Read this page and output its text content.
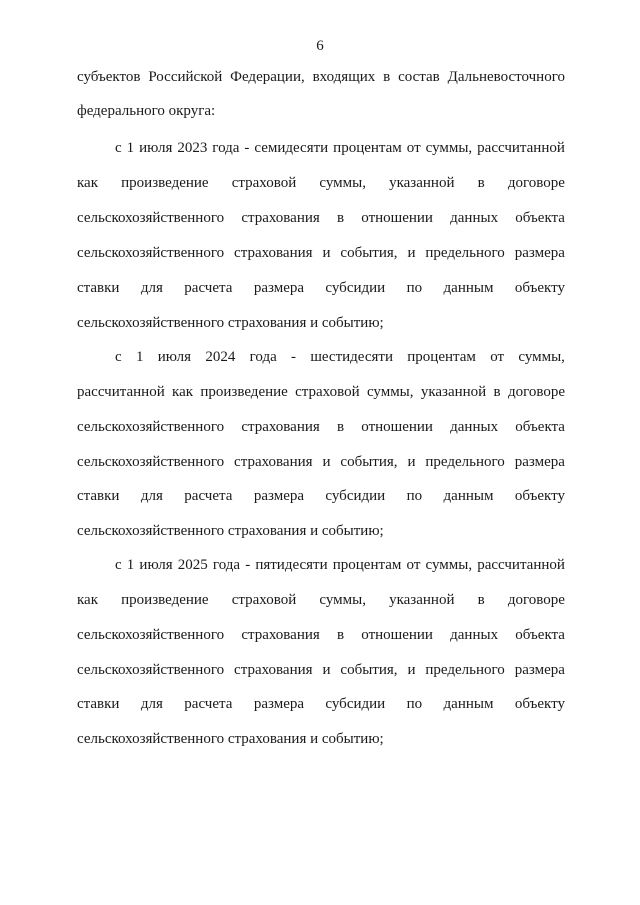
6
субъектов Российской Федерации, входящих в состав Дальневосточного
федерального округа:
с 1 июля 2023 года - семидесяти процентам от суммы, рассчитанной
как произведение страховой суммы, указанной в договоре
сельскохозяйственного страхования в отношении данных объекта
сельскохозяйственного страхования и события, и предельного размера
ставки для расчета размера субсидии по данным объекту
сельскохозяйственного страхования и событию;
с 1 июля 2024 года - шестидесяти процентам от суммы,
рассчитанной как произведение страховой суммы, указанной в договоре
сельскохозяйственного страхования в отношении данных объекта
сельскохозяйственного страхования и события, и предельного размера
ставки для расчета размера субсидии по данным объекту
сельскохозяйственного страхования и событию;
с 1 июля 2025 года - пятидесяти процентам от суммы, рассчитанной
как произведение страховой суммы, указанной в договоре
сельскохозяйственного страхования в отношении данных объекта
сельскохозяйственного страхования и события, и предельного размера
ставки для расчета размера субсидии по данным объекту
сельскохозяйственного страхования и событию;
